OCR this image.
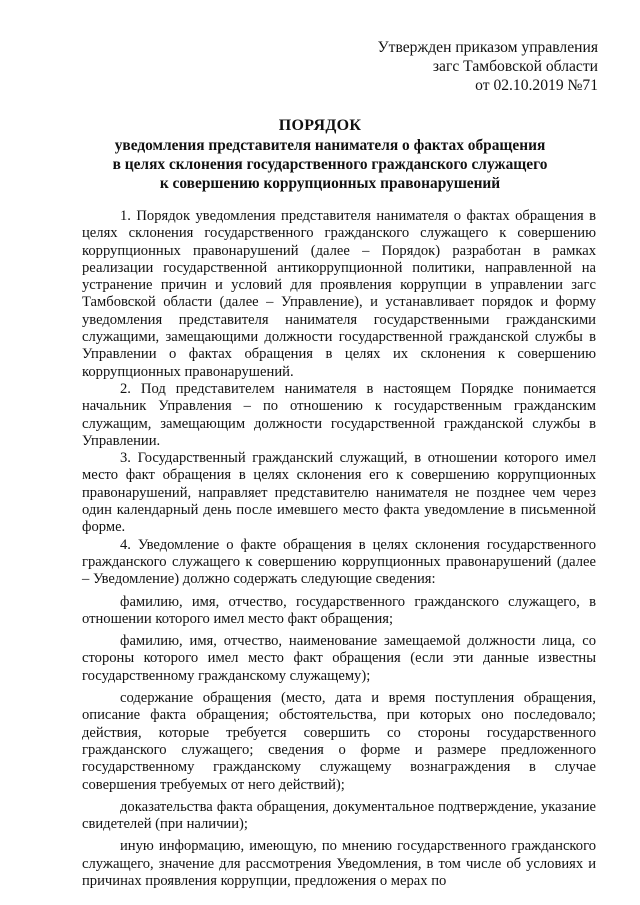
Утвержден приказом управления
загс Тамбовской области
от 02.10.2019 №71
ПОРЯДОК
уведомления представителя нанимателя о фактах обращения в целях склонения государственного гражданского служащего к совершению коррупционных правонарушений

1. Порядок уведомления представителя нанимателя о фактах обращения в целях склонения государственного гражданского служащего к совершению коррупционных правонарушений (далее – Порядок) разработан в рамках реализации государственной антикоррупционной политики, направленной на устранение причин и условий для проявления коррупции в управлении загс Тамбовской области (далее – Управление), и устанавливает порядок и форму уведомления представителя нанимателя государственными гражданскими служащими, замещающими должности государственной гражданской службы в Управлении о фактах обращения в целях их склонения к совершению коррупционных правонарушений.

2. Под представителем нанимателя в настоящем Порядке понимается начальник Управления – по отношению к государственным гражданским служащим, замещающим должности государственной гражданской службы в Управлении.

3. Государственный гражданский служащий, в отношении которого имел место факт обращения в целях склонения его к совершению коррупционных правонарушений, направляет представителю нанимателя не позднее чем через один календарный день после имевшего место факта уведомление в письменной форме.

4. Уведомление о факте обращения в целях склонения государственного гражданского служащего к совершению коррупционных правонарушений (далее – Уведомление) должно содержать следующие сведения:

фамилию, имя, отчество, государственного гражданского служащего, в отношении которого имел место факт обращения;

фамилию, имя, отчество, наименование замещаемой должности лица, со стороны которого имел место факт обращения (если эти данные известны государственному гражданскому служащему);

содержание обращения (место, дата и время поступления обращения, описание факта обращения; обстоятельства, при которых оно последовало; действия, которые требуется совершить со стороны государственного гражданского служащего; сведения о форме и размере предложенного государственному гражданскому служащему вознаграждения в случае совершения требуемых от него действий);

доказательства факта обращения, документальное подтверждение, указание свидетелей (при наличии);

иную информацию, имеющую, по мнению государственного гражданского служащего, значение для рассмотрения Уведомления, в том числе об условиях и причинах проявления коррупции, предложения о мерах по
